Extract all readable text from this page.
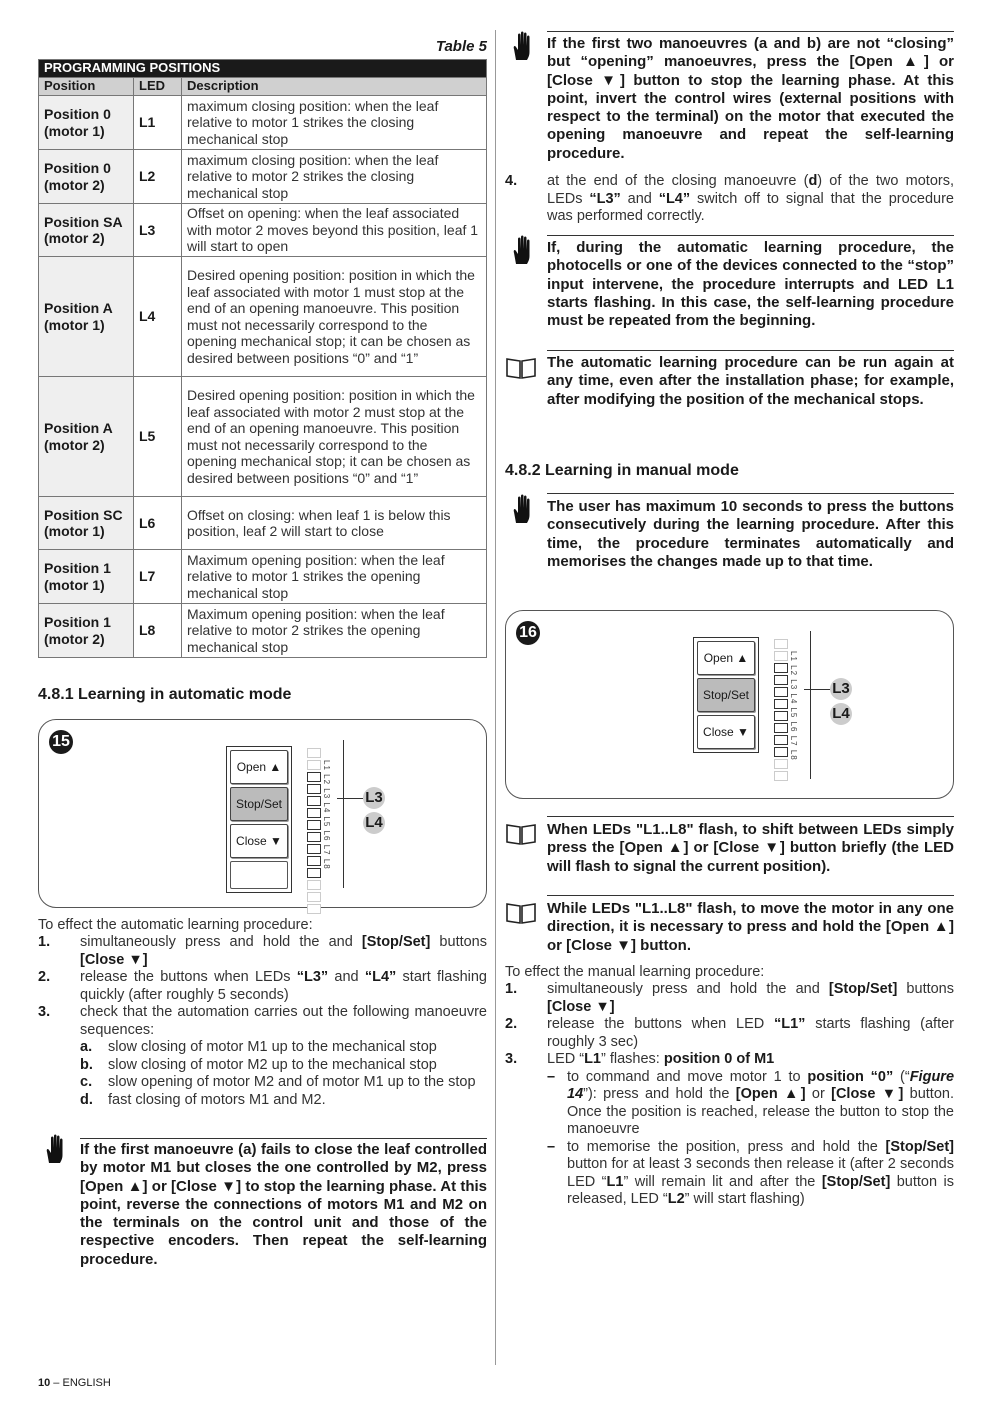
Table 5
PROGRAMMING POSITIONS		
Position	LED	Description
Position 0 (motor 1)	L1	maximum closing position: when the leaf relative to motor 1 strikes the closing mechanical stop
Position 0 (motor 2)	L2	maximum closing position: when the leaf relative to motor 2 strikes the closing mechanical stop
Position SA (motor 2)	L3	Offset on opening: when the leaf associated with motor 2 moves beyond this position, leaf 1 will start to open
Position A (motor 1)	L4	Desired opening position: position in which the leaf associated with motor 1 must stop at the end of an opening manoeuvre. This position must not necessarily correspond to the opening mechanical stop; it can be chosen as desired between positions “0” and “1”
Position A (motor 2)	L5	Desired opening position: position in which the leaf associated with motor 2 must stop at the end of an opening manoeuvre. This position must not necessarily correspond to the opening mechanical stop; it can be chosen as desired between positions “0” and “1”
Position SC (motor 1)	L6	Offset on closing: when leaf 1 is below this position, leaf 2 will start to close
Position 1 (motor 1)	L7	Maximum opening position: when the leaf relative to motor 1 strikes the opening mechanical stop
Position 1 (motor 2)	L8	Maximum opening position: when the leaf relative to motor 2 strikes the opening mechanical stop
4.8.1 Learning in automatic mode
15
Open ▲
Stop/Set
Close ▼	L1 L2 L3 L4 L5 L6 L7 L8 L3
L4
To effect the automatic learning procedure:
1. simultaneously press and hold the and [Stop/Set] buttons [Close ▼]
2. release the buttons when LEDs “L3” and “L4” start flashing quickly (after roughly 5 seconds)
3. check that the automation carries out the following manoeuvre sequences:
a. slow closing of motor M1 up to the mechanical stop
b. slow closing of motor M2 up to the mechanical stop
c. slow opening of motor M2 and of motor M1 up to the stop
d. fast closing of motors M1 and M2.
If the first manoeuvre (a) fails to close the leaf controlled by motor M1 but closes the one controlled by M2, press [Open ▲] or [Close ▼] to stop the learning phase. At this point, reverse the connections of motors M1 and M2 on the terminals on the control unit and those of the respective encoders. Then repeat the self-learning procedure.
If the first two manoeuvres (a and b) are not “closing” but “opening” manoeuvres, press the [Open ▲] or [Close ▼] button to stop the learning phase. At this point, invert the control wires (external positions with respect to the terminal) on the motor that executed the opening manoeuvre and repeat the self-learning procedure.
4. at the end of the closing manoeuvre (d) of the two motors, LEDs “L3” and “L4” switch off to signal that the procedure was performed correctly.
If, during the automatic learning procedure, the photocells or one of the devices connected to the “stop” input intervene, the procedure interrupts and LED L1 starts flashing. In this case, the self-learning procedure must be repeated from the beginning.
The automatic learning procedure can be run again at any time, even after the installation phase; for example, after modifying the position of the mechanical stops.
4.8.2 Learning in manual mode
The user has maximum 10 seconds to press the buttons consecutively during the learning procedure. After this time, the procedure terminates automatically and memorises the changes made up to that time.
16
Open ▲
Stop/Set
Close ▼	L1 L2 L3 L4 L5 L6 L7 L8 L3
L4
When LEDs "L1..L8" flash, to shift between LEDs simply press the [Open ▲] or [Close ▼] button briefly (the LED will flash to signal the current position).
While LEDs "L1..L8" flash, to move the motor in any one direction, it is necessary to press and hold the [Open ▲] or [Close ▼] button.
To effect the manual learning procedure:
1. simultaneously press and hold the and [Stop/Set] buttons [Close ▼]
2. release the buttons when LED “L1” starts flashing (after roughly 3 sec)
3. LED “L1” flashes: position 0 of M1
– to command and move motor 1 to position “0” (“Figure 14”): press and hold the [Open ▲] or [Close ▼] button. Once the position is reached, release the button to stop the manoeuvre
– to memorise the position, press and hold the [Stop/Set] button for at least 3 seconds then release it (after 2 seconds LED “L1” will remain lit and after the [Stop/Set] button is released, LED “L2” will start flashing)
10 – ENGLISH
